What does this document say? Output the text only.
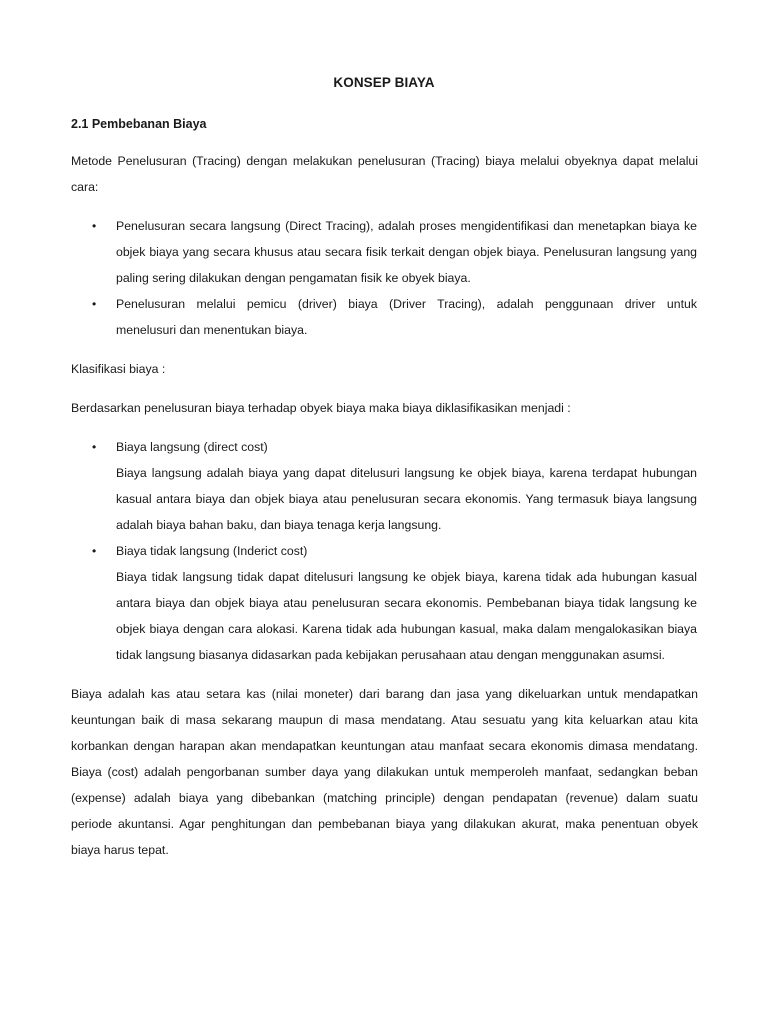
KONSEP BIAYA
2.1 Pembebanan Biaya
Metode Penelusuran (Tracing) dengan melakukan penelusuran (Tracing) biaya melalui obyeknya dapat melalui
cara:
• Penelusuran secara langsung (Direct Tracing), adalah proses mengidentifikasi dan menetapkan biaya ke
objek biaya yang secara khusus atau secara fisik terkait dengan objek biaya. Penelusuran langsung yang
paling sering dilakukan dengan pengamatan fisik ke obyek biaya.
• Penelusuran melalui pemicu (driver) biaya (Driver Tracing), adalah penggunaan driver untuk
menelusuri dan menentukan biaya.
Klasifikasi biaya :
Berdasarkan penelusuran biaya terhadap obyek biaya maka biaya diklasifikasikan menjadi :
• Biaya langsung (direct cost)
Biaya langsung adalah biaya yang dapat ditelusuri langsung ke objek biaya, karena terdapat hubungan
kasual antara biaya dan objek biaya atau penelusuran secara ekonomis. Yang termasuk biaya langsung
adalah biaya bahan baku, dan biaya tenaga kerja langsung.
• Biaya tidak langsung (Inderict cost)
Biaya tidak langsung tidak dapat ditelusuri langsung ke objek biaya, karena tidak ada hubungan kasual
antara biaya dan objek biaya atau penelusuran secara ekonomis. Pembebanan biaya tidak langsung ke
objek biaya dengan cara alokasi. Karena tidak ada hubungan kasual, maka dalam mengalokasikan biaya
tidak langsung biasanya didasarkan pada kebijakan perusahaan atau dengan menggunakan asumsi.
Biaya adalah kas atau setara kas (nilai moneter) dari barang dan jasa yang dikeluarkan untuk mendapatkan
keuntungan baik di masa sekarang maupun di masa mendatang. Atau sesuatu yang kita keluarkan atau kita
korbankan dengan harapan akan mendapatkan keuntungan atau manfaat secara ekonomis dimasa mendatang.
Biaya (cost) adalah pengorbanan sumber daya yang dilakukan untuk memperoleh manfaat, sedangkan beban
(expense) adalah biaya yang dibebankan (matching principle) dengan pendapatan (revenue) dalam suatu
periode akuntansi. Agar penghitungan dan pembebanan biaya yang dilakukan akurat, maka penentuan obyek
biaya harus tepat.
